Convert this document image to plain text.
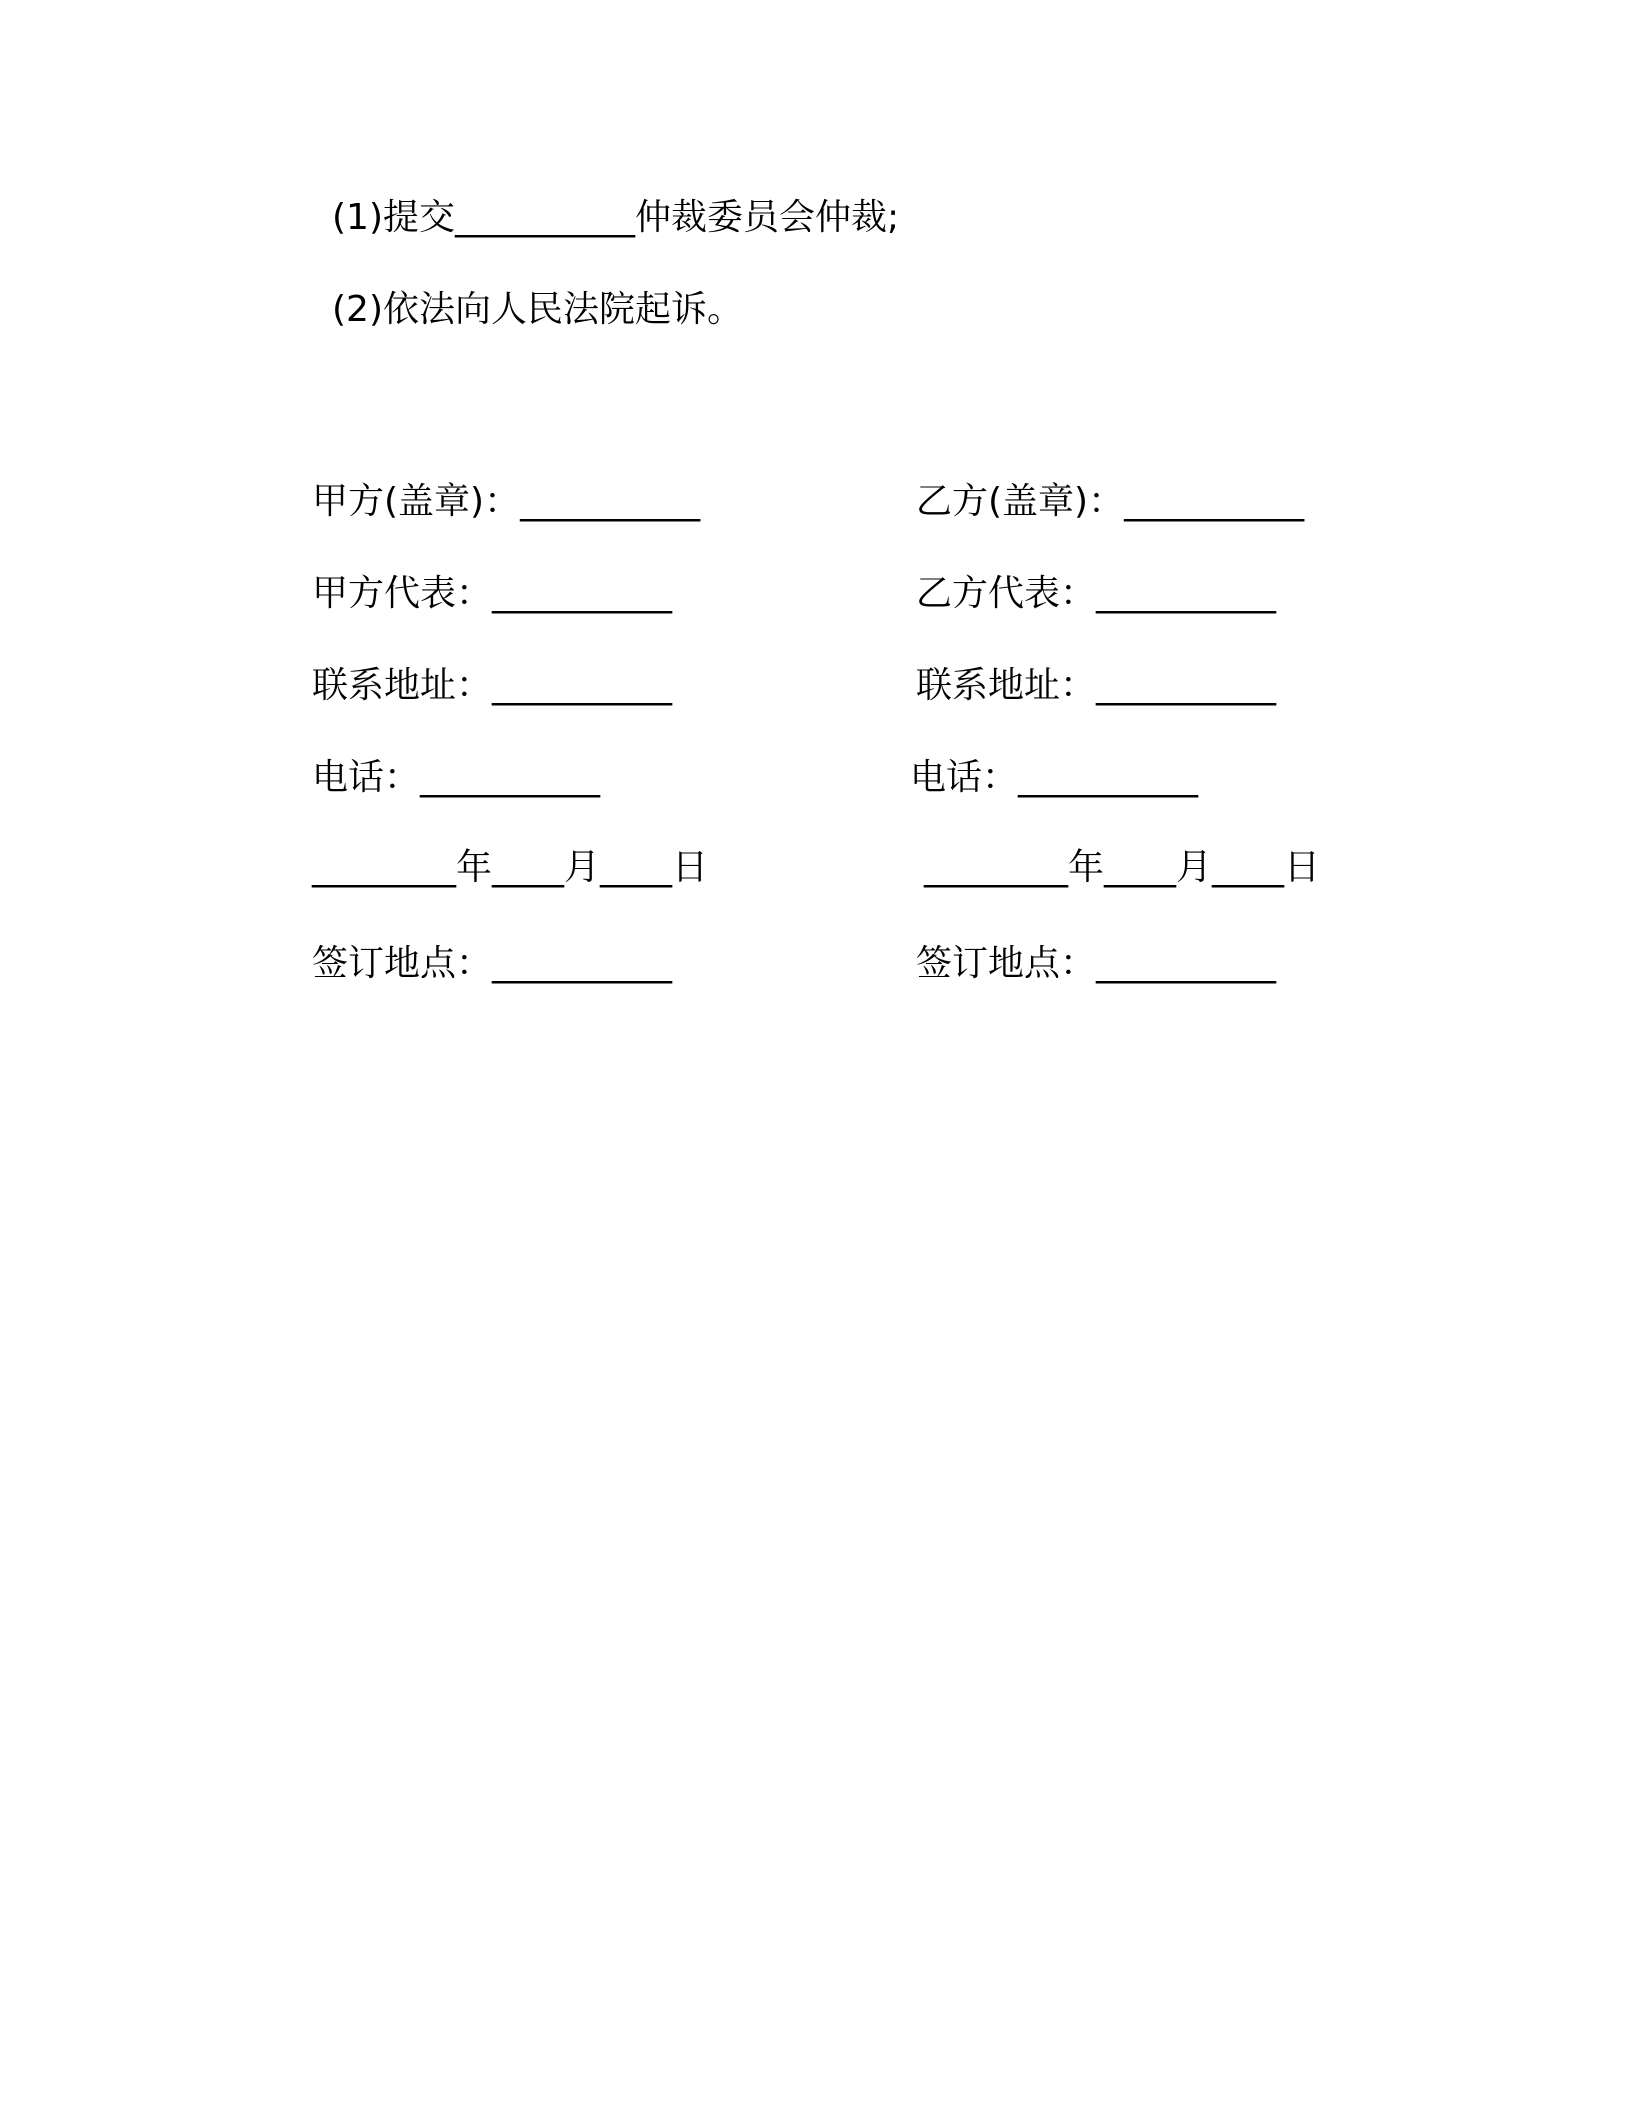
(1)提交__________仲裁委员会仲裁;
(2)依法向人民法院起诉。
甲方(盖章)：__________
甲方代表：__________
联系地址：__________
电话：__________
________年____月____日
签订地点：__________
乙方(盖章)：__________
乙方代表：__________
联系地址：__________
电话：__________
________年____月____日
签订地点：__________
